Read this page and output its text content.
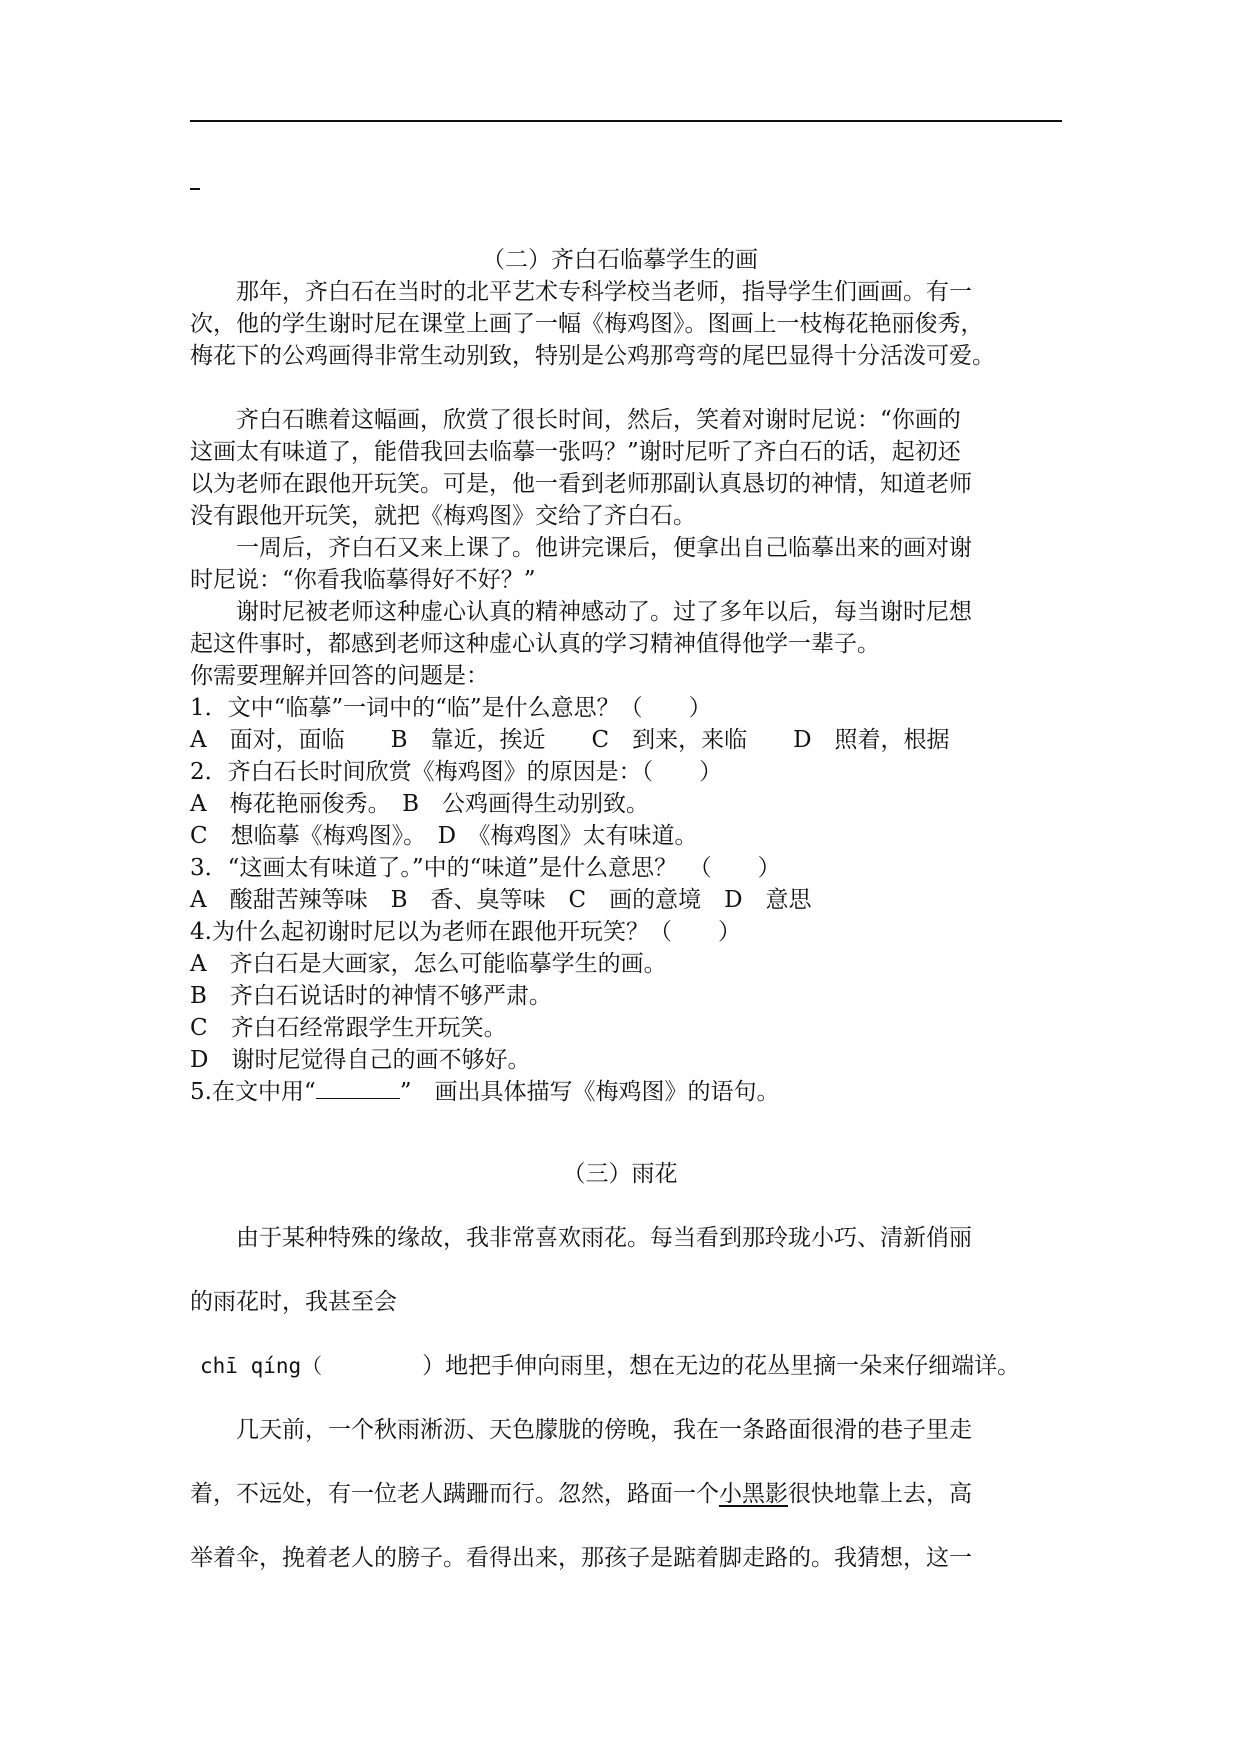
（二）齐白石临摹学生的画
那年，齐白石在当时的北平艺术专科学校当老师，指导学生们画画。有一
次，他的学生谢时尼在课堂上画了一幅《梅鸡图》。图画上一枝梅花艳丽俊秀，
梅花下的公鸡画得非常生动别致，特别是公鸡那弯弯的尾巴显得十分活泼可爱。
齐白石瞧着这幅画，欣赏了很长时间，然后，笑着对谢时尼说：“你画的
这画太有味道了，能借我回去临摹一张吗？”谢时尼听了齐白石的话，起初还
以为老师在跟他开玩笑。可是，他一看到老师那副认真恳切的神情，知道老师
没有跟他开玩笑，就把《梅鸡图》交给了齐白石。
一周后，齐白石又来上课了。他讲完课后，便拿出自己临摹出来的画对谢
时尼说：“你看我临摹得好不好？”
谢时尼被老师这种虚心认真的精神感动了。过了多年以后，每当谢时尼想
起这件事时，都感到老师这种虚心认真的学习精神值得他学一辈子。
你需要理解并回答的问题是：
1．文中“临摹”一词中的“临”是什么意思？（　　）
A　面对，面临　　B　靠近，挨近　　C　到来，来临　　D　照着，根据
2．齐白石长时间欣赏《梅鸡图》的原因是：（　　）
A　梅花艳丽俊秀。　B　公鸡画得生动别致。
C　想临摹《梅鸡图》。　D　《梅鸡图》太有味道。
3．“这画太有味道了。”中的“味道”是什么意思？　（　　）
A　酸甜苦辣等味　B　香、臭等味　C　画的意境　D　意思
4.为什么起初谢时尼以为老师在跟他开玩笑？（　　）
A　齐白石是大画家，怎么可能临摹学生的画。
B　齐白石说话时的神情不够严肃。
C　齐白石经常跟学生开玩笑。
D　谢时尼觉得自己的画不够好。
5.在文中用“	”　画出具体描写《梅鸡图》的语句。
（三）雨花
由于某种特殊的缘故，我非常喜欢雨花。每当看到那玲珑小巧、清新俏丽
的雨花时，我甚至会
chī qíng（	）地把手伸向雨里，想在无边的花丛里摘一朵来仔细端详。
几天前，一个秋雨淅沥、天色朦胧的傍晚，我在一条路面很滑的巷子里走
着，不远处，有一位老人蹒跚而行。忽然，路面一个小黑影很快地靠上去，高
举着伞，挽着老人的膀子。看得出来，那孩子是踮着脚走路的。我猜想，这一
